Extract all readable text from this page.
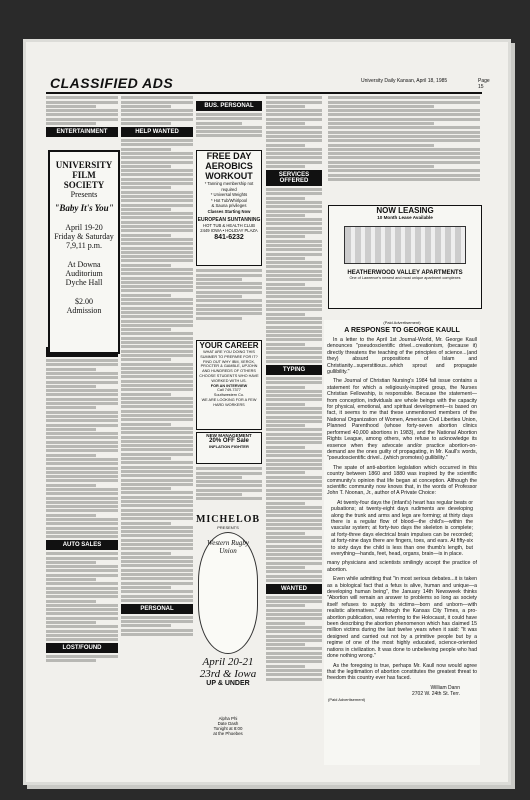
CLASSIFIED ADS	University Daily Kansan, April 18, 1985	Page 15
ENTERTAINMENT
AUTO SALES
LOST/FOUND
UNIVERSITY
FILM
SOCIETY
Presents
"Baby It's You"
April 19-20
Friday & Saturday
7,9,11 p.m.
At Downa
Auditorium
Dyche Hall
$2.00
Admission
HELP WANTED
PERSONAL
BUS. PERSONAL
FREE DAY AEROBICS WORKOUT
* Tanning membership not required
* Universal Weights
* Hot Tub/Whirlpool
& Sauna privileges
Classes Starting Now
EUROPEAN SUNTANNING
HOT TUB & HEALTH CLUB
2449 IOWA • HOLIDAY PLAZA
841-6232
YOUR CAREER
WHAT ARE YOU DOING THIS SUMMER TO PREPARE FOR IT?
FIND OUT WHY IBM, XEROX, PROCTER & GAMBLE, UPJOHN AND HUNDREDS OF OTHERS CHOOSE STUDENTS WHO HAVE WORKED WITH US.
FOR AN INTERVIEW
Call 749-7377
Southwestern Co.
WE ARE LOOKING FOR A FEW HARD WORKERS
NEW MANAGEMENT
20% OFF Sale
INFLATION FIGHTER
MICHELOB
PRESENTS
Western Rugby Union
April 20-21
23rd & Iowa
UP & UNDER
Alpha Phi
Date Dash
Tonight at 8:00
at the Phoebes
SERVICES OFFERED
TYPING
WANTED
NOW LEASING
10 Month Lease Available
HEATHERWOOD VALLEY APARTMENTS
One of Lawrence's newest and most unique apartment complexes
(Paid Advertisement)
A RESPONSE TO GEORGE KAULL

In a letter to the April 1st Journal-World, Mr. George Kaull denounces "pseudoscientific drivel...creationism, (because it) directly threatens the teaching of the principles of science...(and they) absurd propositions of Islam and Christianity...superstitious...which sprout and propagate gullibility."

The Journal of Christian Nursing's 1984 fall issue contains a statement for which a religiously-inspired group, the Nurses Christian Fellowship, is responsible. Because the statement—from conception, individuals are whole beings with the capacity for physical, emotional, and spiritual development—is based on fact, it seems to me that these unmentioned members of the National Organization of Women, American Civil Liberties Union, Planned Parenthood (whose forty-seven abortion clinics performed 40,000 abortions in 1983), and the National Abortion Rights League, among others, who refuse to acknowledge its essence when they advocate and/or practice abortion-on-demand are the ones guilty of propagating, in Mr. Kaull's words, "pseudoscientific drivel...(which promotes) gullibility."

The spate of anti-abortion legislation which occurred in this country between 1860 and 1880 was inspired by the scientific community's opinion that life began at conception. Although the scientific community now knows that, in the words of Professor John T. Noonan, Jr., author of A Private Choice:

At twenty-four days the (infant's) heart has regular beats or pulsations; at twenty-eight days rudiments are developing along the trunk and arms and legs are forming; at thirty days there is a regular flow of blood—the child's—within the vascular system; at forty-two days the skeleton is complete; at forty-three days electrical brain impulses can be recorded; at forty-nine days there are fingers, toes, and ears. At fifty-six to sixty days the child is less than one thumb's length, but everything—hands, feet, head, organs, brain—is in place.

many physicians and scientists smilingly accept the practice of abortion.

Even while admitting that "in most serious debates...it is taken as a biological fact that a fetus is alive, human and unique—a developing human being", the January 14th Newsweek thinks "Abortion will remain an answer to problems so long as society itself refuses to supply its victims—born and unborn—with realistic alternatives." Although the Kansas City Times, a pro-abortion publication, was referring to the Holocaust, it could have been describing the abortion phenomenon which has claimed 15 million victims during the last twelve years when it said: "It was designed and carried out not by a primitive people but by a regime of one of the most highly educated, science-oriented nations in civilization. It was done to unbelieving people who had done nothing wrong."

As the foregoing is true, perhaps Mr. Kaull now would agree that the legitimation of abortion constitutes the greatest threat to freedom this country ever has faced.

William Dann
2702 W. 24th St. Terr.
(Paid Advertisement)
